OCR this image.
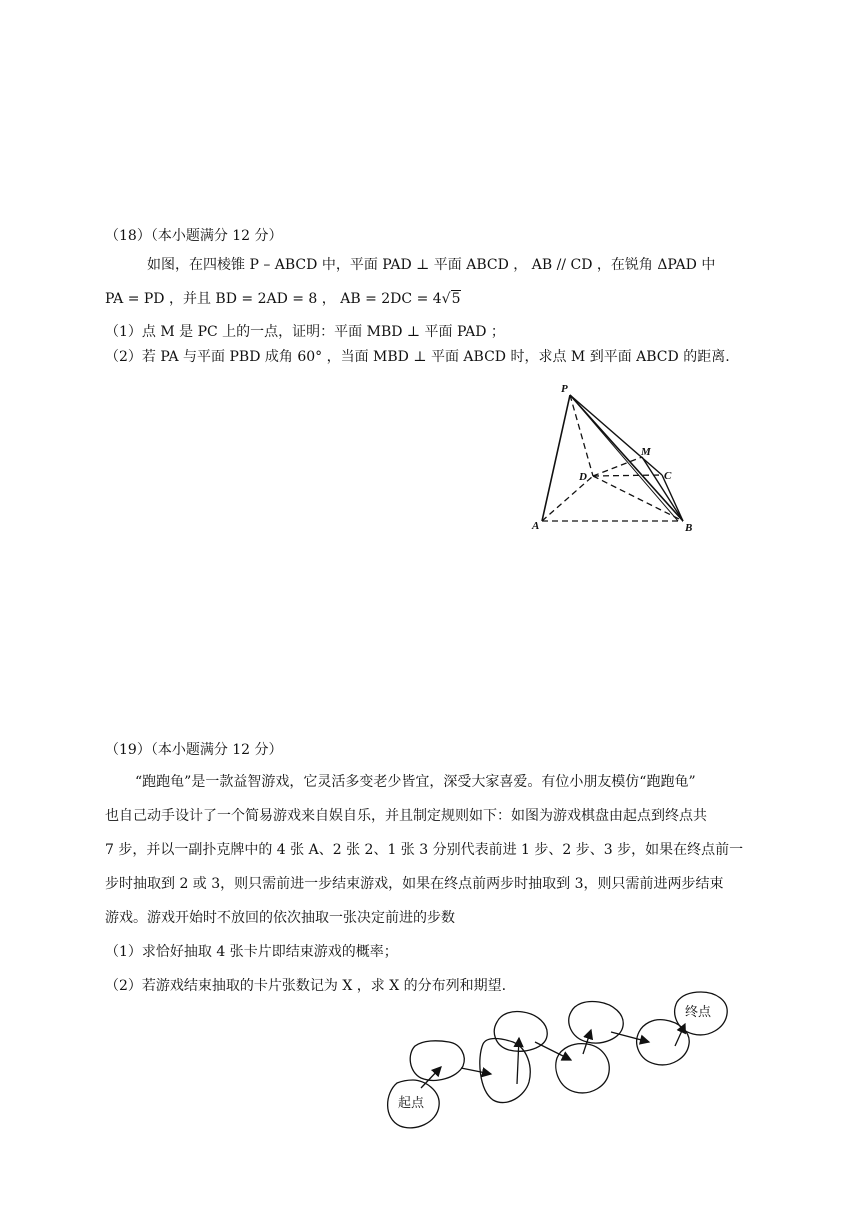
（18）（本小题满分 12 分）
如图，在四棱锥 P – ABCD 中，平面 PAD ⊥ 平面 ABCD ， AB // CD ，在锐角 ΔPAD 中
PA = PD ，并且 BD = 2AD = 8 ， AB = 2DC = 4√5
（1）点 M 是 PC 上的一点，证明：平面 MBD ⊥ 平面 PAD ；
（2）若 PA 与平面 PBD 成角 60° ，当面 MBD ⊥ 平面 ABCD 时，求点 M 到平面 ABCD 的距离.
P
M
D	C
A	B
（19）（本小题满分 12 分）
“跑跑龟”是一款益智游戏，它灵活多变老少皆宜，深受大家喜爱。有位小朋友模仿“跑跑龟”
也自己动手设计了一个简易游戏来自娱自乐，并且制定规则如下：如图为游戏棋盘由起点到终点共
7 步，并以一副扑克牌中的 4 张 A、2 张 2、1 张 3 分别代表前进 1 步、2 步、3 步，如果在终点前一
步时抽取到 2 或 3，则只需前进一步结束游戏，如果在终点前两步时抽取到 3，则只需前进两步结束
游戏。游戏开始时不放回的依次抽取一张决定前进的步数
（1）求恰好抽取 4 张卡片即结束游戏的概率；
（2）若游戏结束抽取的卡片张数记为 X ，求 X 的分布列和期望.
起点
终点
